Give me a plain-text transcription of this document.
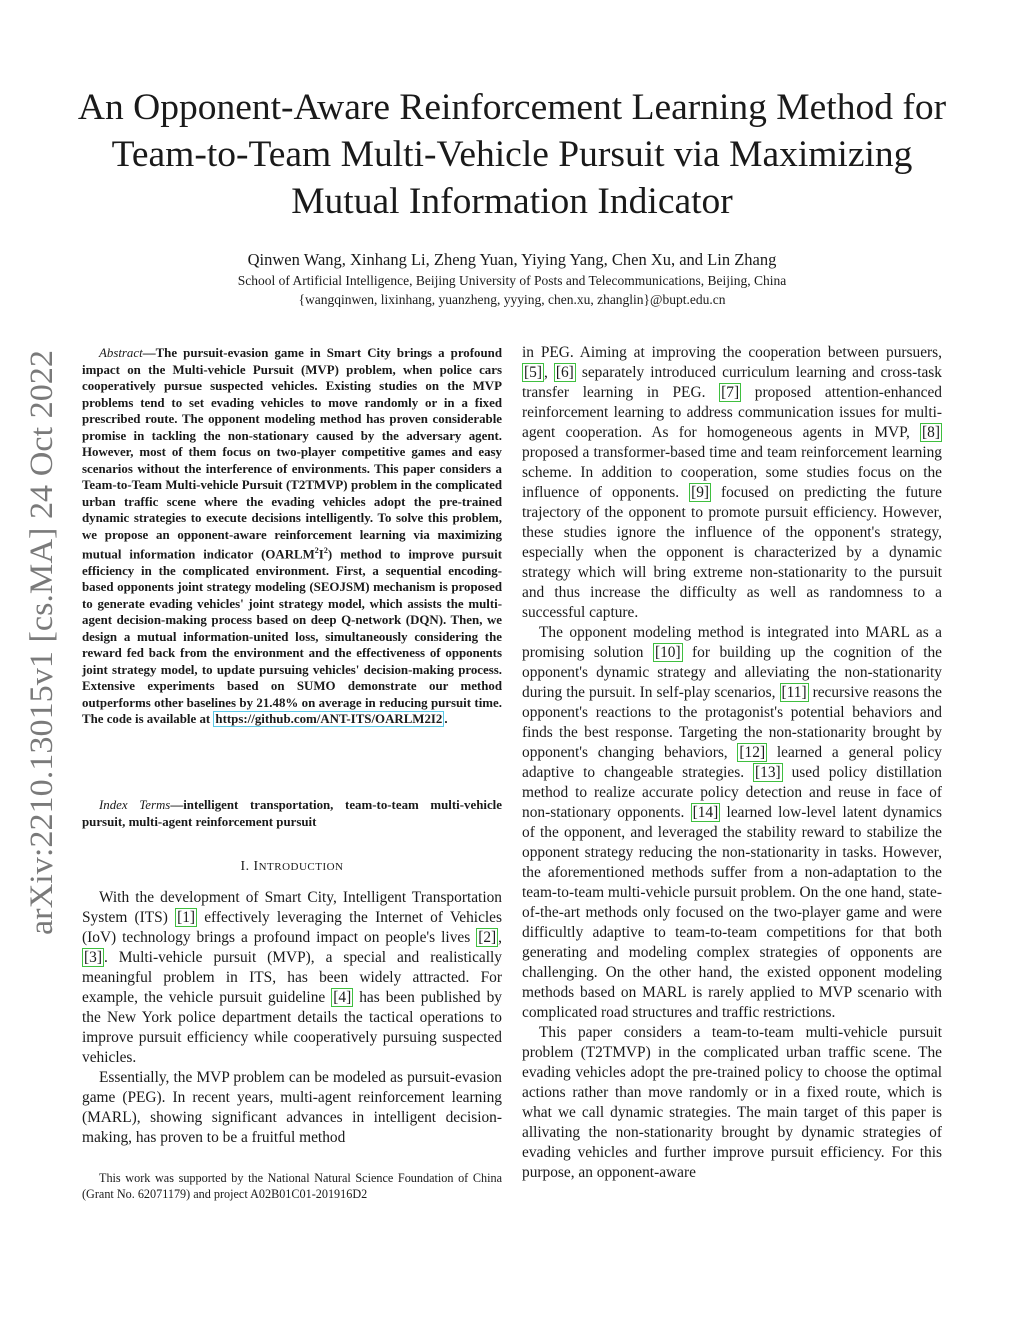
An Opponent-Aware Reinforcement Learning Method for Team-to-Team Multi-Vehicle Pursuit via Maximizing Mutual Information Indicator
Qinwen Wang, Xinhang Li, Zheng Yuan, Yiying Yang, Chen Xu, and Lin Zhang
School of Artificial Intelligence, Beijing University of Posts and Telecommunications, Beijing, China
{wangqinwen, lixinhang, yuanzheng, yyying, chen.xu, zhanglin}@bupt.edu.cn
arXiv:2210.13015v1 [cs.MA] 24 Oct 2022

Abstract—The pursuit-evasion game in Smart City brings a profound impact on the Multi-vehicle Pursuit (MVP) problem, when police cars cooperatively pursue suspected vehicles. Existing studies on the MVP problems tend to set evading vehicles to move randomly or in a fixed prescribed route. The opponent modeling method has proven considerable promise in tackling the non-stationary caused by the adversary agent. However, most of them focus on two-player competitive games and easy scenarios without the interference of environments. This paper considers a Team-to-Team Multi-vehicle Pursuit (T2TMVP) problem in the complicated urban traffic scene where the evading vehicles adopt the pre-trained dynamic strategies to execute decisions intelligently. To solve this problem, we propose an opponent-aware reinforcement learning via maximizing mutual information indicator $(OARLM^2I^2)$ method to improve pursuit efficiency in the complicated environment. First, a sequential encoding-based opponents joint strategy modeling (SEOJSM) mechanism is proposed to generate evading vehicles' joint strategy model, which assists the multi-agent decision-making process based on deep Q-network (DQN). Then, we design a mutual information-united loss, simultaneously considering the reward fed back from the environment and the effectiveness of opponents joint strategy model, to update pursuing vehicles' decision-making process. Extensive experiments based on SUMO demonstrate our method outperforms other baselines by 21.48% on average in reducing pursuit time. The code is available at https://github.com/ANT-ITS/OARLM2I2 .

Index Terms—intelligent transportation, team-to-team multi-vehicle pursuit, multi-agent reinforcement pursuit

I. INTRODUCTION

With the development of Smart City, Intelligent Transportation System (ITS) [1] effectively leveraging the Internet of Vehicles (IoV) technology brings a profound impact on people's lives [2] , [3] . Multi-vehicle pursuit (MVP), a special and realistically meaningful problem in ITS, has been widely attracted. For example, the vehicle pursuit guideline [4] has been published by the New York police department details the tactical operations to improve pursuit efficiency while cooperatively pursuing suspected vehicles.

Essentially, the MVP problem can be modeled as pursuit-evasion game (PEG). In recent years, multi-agent reinforcement learning (MARL), showing significant advances in intelligent decision-making, has proven to be a fruitful method

This work was supported by the National Natural Science Foundation of China (Grant No. 62071179) and project A02B01C01-201916D2

in PEG. Aiming at improving the cooperation between pursuers, [5] , [6] separately introduced curriculum learning and cross-task transfer learning in PEG. [7] proposed attention-enhanced reinforcement learning to address communication issues for multi-agent cooperation. As for homogeneous agents in MVP, [8] proposed a transformer-based time and team reinforcement learning scheme. In addition to cooperation, some studies focus on the influence of opponents. [9] focused on predicting the future trajectory of the opponent to promote pursuit efficiency. However, these studies ignore the influence of the opponent's strategy, especially when the opponent is characterized by a dynamic strategy which will bring extreme non-stationarity to the pursuit and thus increase the difficulty as well as randomness to a successful capture.

The opponent modeling method is integrated into MARL as a promising solution [10] for building up the cognition of the opponent's dynamic strategy and alleviating the non-stationarity during the pursuit. In self-play scenarios, [11] recursive reasons the opponent's reactions to the protagonist's potential behaviors and finds the best response. Targeting the non-stationarity brought by opponent's changing behaviors, [12] learned a general policy adaptive to changeable strategies. [13] used policy distillation method to realize accurate policy detection and reuse in face of non-stationary opponents. [14] learned low-level latent dynamics of the opponent, and leveraged the stability reward to stabilize the opponent strategy reducing the non-stationarity in tasks. However, the aforementioned methods suffer from a non-adaptation to the team-to-team multi-vehicle pursuit problem. On the one hand, state-of-the-art methods only focused on the two-player game and were difficultly adaptive to team-to-team competitions for that both generating and modeling complex strategies of opponents are challenging. On the other hand, the existed opponent modeling methods based on MARL is rarely applied to MVP scenario with complicated road structures and traffic restrictions.

This paper considers a team-to-team multi-vehicle pursuit problem (T2TMVP) in the complicated urban traffic scene. The evading vehicles adopt the pre-trained policy to choose the optimal actions rather than move randomly or in a fixed route, which is what we call dynamic strategies. The main target of this paper is allivating the non-stationarity brought by dynamic strategies of evading vehicles and further improve pursuit efficiency. For this purpose, an opponent-aware
